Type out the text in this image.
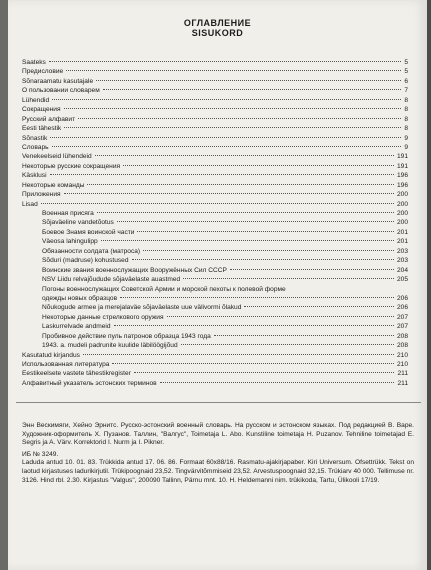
ОГЛАВЛЕНИЕ
SISUKORD
Saateks	5
Предисловие	5
Sõnaraamatu kasutajale	6
О пользовании словарем	7
Lühendid	8
Сокращения	8
Русский алфавит	8
Eesti tähestik	8
Sõnastik	9
Словарь	9
Venekeelseid lühendeid	191
Некоторые русские сокращения	191
Käsklusi	196
Некоторые команды	196
Приложения	200
Lisad	200
Военная присяга	200
Sõjaväeline vandetõotus	200
Боевое Знамя воинской части	201
Väeosa lahingulipp	201
Обязанности солдата (матроса)	203
Sõduri (madruse) kohustused	203
Воинские звания военнослужащих Вооружённых Сил СССР	204
NSV Liidu relvajõudude sõjaväelaste auastmed	205
Погоны военнослужащих Советской Армии и морской пехоты к полевой форме
одежды новых образцов	206
Nõukogude armee ja mereјalaväe sõjaväelaste uue välivormi õlakud	206
Некоторые данные стрелкового оружия	207
Laskurrelvade andmeid	207
Пробивное действие пуль патронов образца 1943 года	208
1943. a. mudeli padrunite kuulide läbilöögijõud	208
Kasutatud kirjandus	210
Использованная литература	210
Eestikeelsete vastete tähestikregister	211
Алфавитный указатель эстонских терминов	211

Энн Вескимяги, Хейно Эрнитс. Русско-эстонский военный словарь. На русском и эстонском языках. Под редакцией В. Варе. Художник-оформитель X. Пузанов. Таллин, "Валгус", Toimetaja L. Abo. Kunstiline toimetaja H. Puzanov. Tehniline toimetajad E. Segris ja A. Värv. Korrektorid I. Nurm ja I. Pikner.

ИБ № 3249.

Laduda antud 10. 01. 83. Trükkida antud 17. 06. 86. Formaat 60x88/16. Rasmatu-ajakirjapaber. Kiri Universum. Ofsettrükk. Tekst on laotud kirjastuses ladurikirjutil. Trükipoognaid 23,52. Tingvärvitõmmiseid 23,52. Arvestuspoognaid 32,15. Trükiarv 40 000. Tellimuse nr. 3126. Hind rbl. 2.30. Kirjastus "Valgus", 200090 Tallinn, Pärnu mnt. 10. H. Heldemanni nim. trükikoda, Tartu, Ülikooli 17/19.
